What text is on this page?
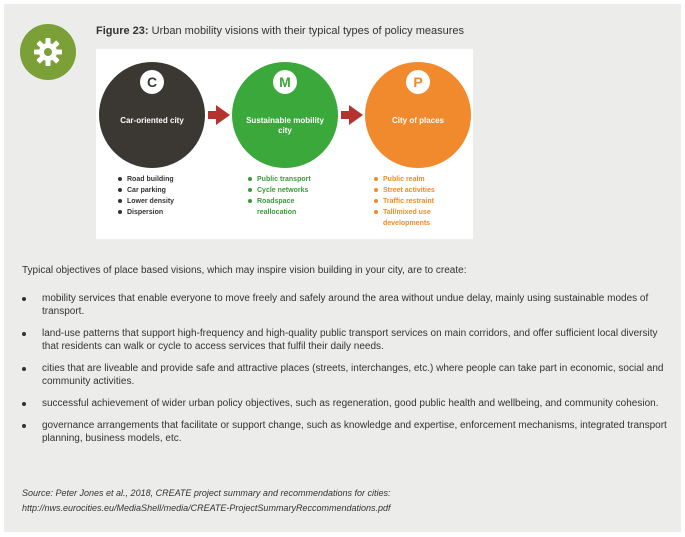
Figure 23: Urban mobility visions with their typical types of policy measures
C
Car-oriented city
M
Sustainable mobility city
P
City of places
Road building
Car parking
Lower density
Dispersion
Public transport
Cycle networks
Roadspace reallocation
Public realm
Street activities
Traffic restraint
Tall/mixed use developments
Typical objectives of place based visions, which may inspire vision building in your city, are to create:
mobility services that enable everyone to move freely and safely around the area without undue delay, mainly using sustainable modes of transport.
land-use patterns that support high-frequency and high-quality public transport services on main corridors, and offer sufficient local diversity that residents can walk or cycle to access services that fulfil their daily needs.
cities that are liveable and provide safe and attractive places (streets, interchanges, etc.) where people can take part in economic, social and community activities.
successful achievement of wider urban policy objectives, such as regeneration, good public health and wellbeing, and community cohesion.
governance arrangements that facilitate or support change, such as knowledge and expertise, enforcement mechanisms, integrated transport planning, business models, etc.
Source: Peter Jones et al., 2018, CREATE project summary and recommendations for cities:
http://nws.eurocities.eu/MediaShell/media/CREATE-ProjectSummaryReccommendations.pdf
